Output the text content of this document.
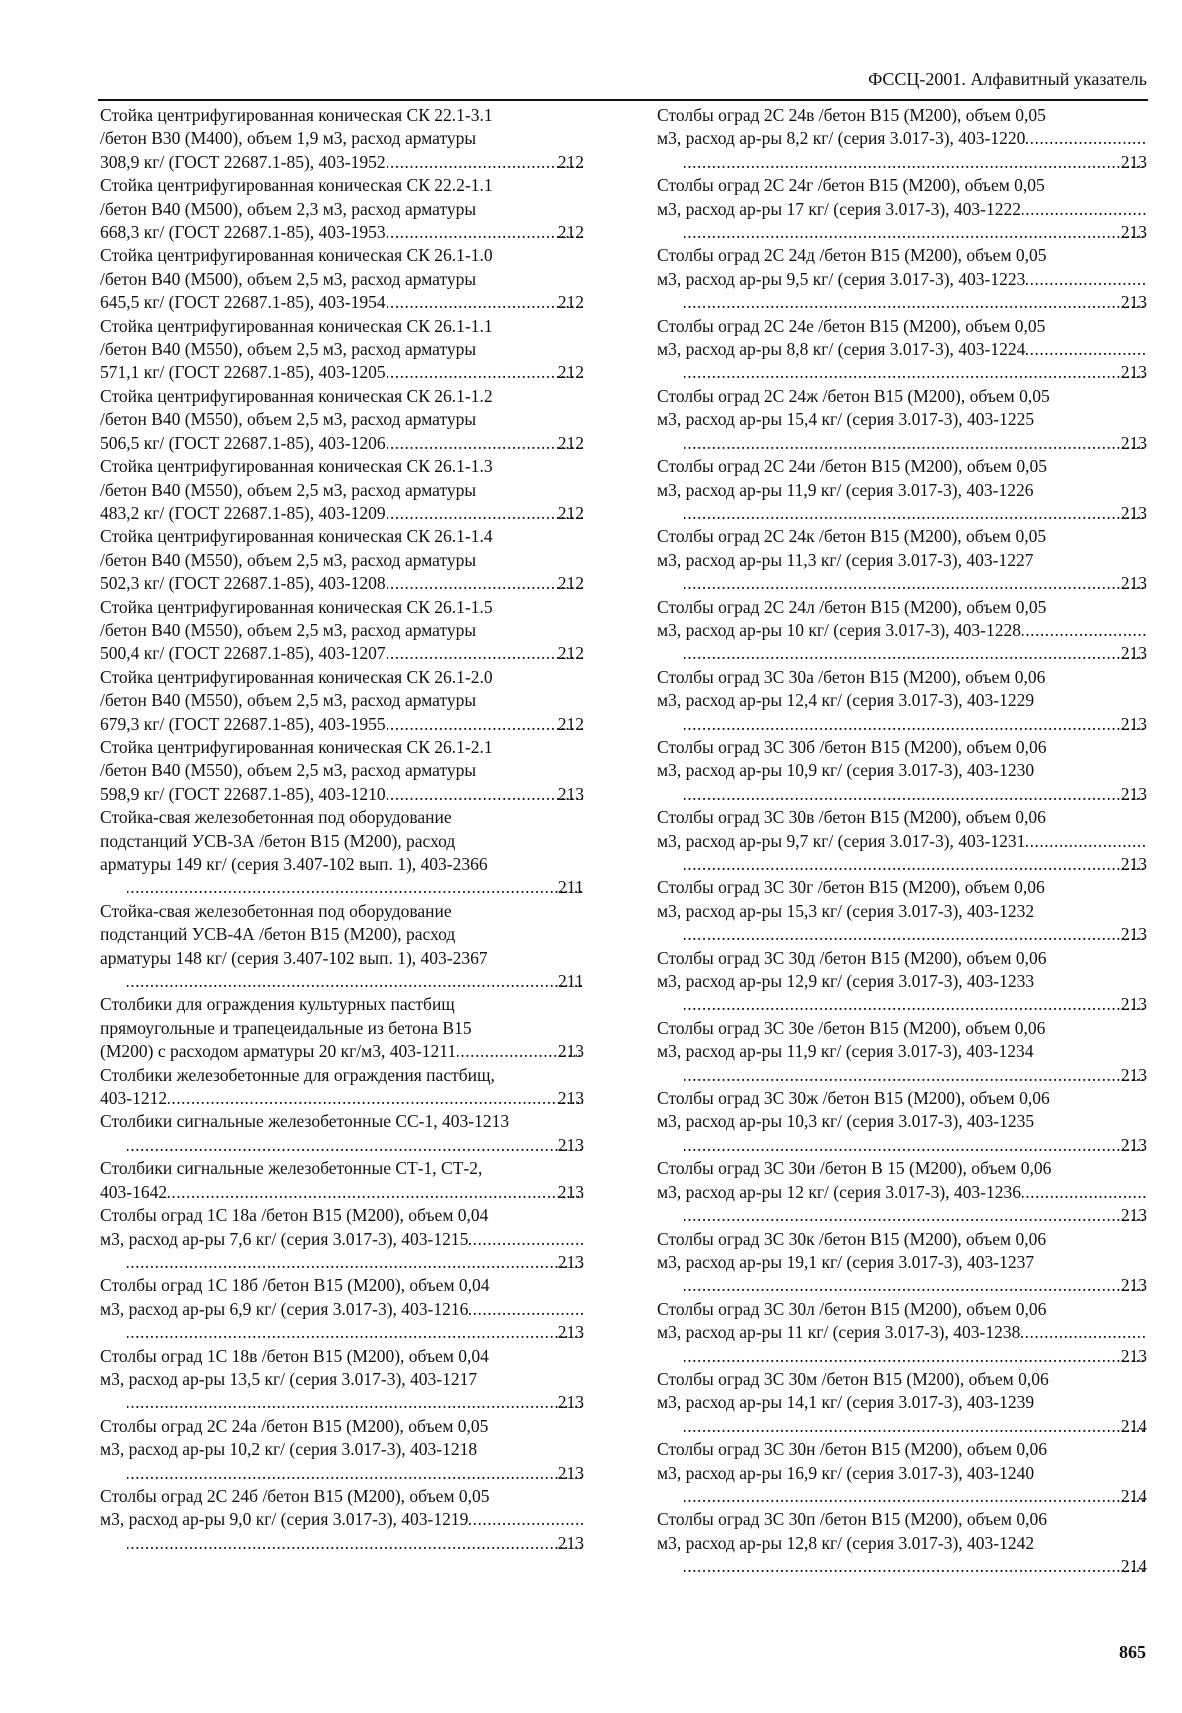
ФССЦ-2001. Алфавитный указатель
Стойка центрифугированная коническая СК 22.1-3.1
/бетон В30 (М400), объем 1,9 м3, расход арматуры
308,9 кг/ (ГОСТ 22687.1-85), 403-1952 .....	212
Стойка центрифугированная коническая СК 22.2-1.1
/бетон В40 (М500), объем 2,3 м3, расход арматуры
668,3 кг/ (ГОСТ 22687.1-85), 403-1953 .....	212
Стойка центрифугированная коническая СК 26.1-1.0
/бетон В40 (М500), объем 2,5 м3, расход арматуры
645,5 кг/ (ГОСТ 22687.1-85), 403-1954 .....	212
Стойка центрифугированная коническая СК 26.1-1.1
/бетон В40 (М550), объем 2,5 м3, расход арматуры
571,1 кг/ (ГОСТ 22687.1-85), 403-1205 .....	212
Стойка центрифугированная коническая СК 26.1-1.2
/бетон В40 (М550), объем 2,5 м3, расход арматуры
506,5 кг/ (ГОСТ 22687.1-85), 403-1206 .....	212
Стойка центрифугированная коническая СК 26.1-1.3
/бетон В40 (М550), объем 2,5 м3, расход арматуры
483,2 кг/ (ГОСТ 22687.1-85), 403-1209 .....	212
Стойка центрифугированная коническая СК 26.1-1.4
/бетон В40 (М550), объем 2,5 м3, расход арматуры
502,3 кг/ (ГОСТ 22687.1-85), 403-1208 .....	212
Стойка центрифугированная коническая СК 26.1-1.5
/бетон В40 (М550), объем 2,5 м3, расход арматуры
500,4 кг/ (ГОСТ 22687.1-85), 403-1207 .....	212
Стойка центрифугированная коническая СК 26.1-2.0
/бетон В40 (М550), объем 2,5 м3, расход арматуры
679,3 кг/ (ГОСТ 22687.1-85), 403-1955 .....	212
Стойка центрифугированная коническая СК 26.1-2.1
/бетон В40 (М550), объем 2,5 м3, расход арматуры
598,9 кг/ (ГОСТ 22687.1-85), 403-1210 .....	213
Стойка-свая железобетонная под оборудование
подстанций УСВ-3А /бетон В15 (М200), расход
арматуры 149 кг/ (серия 3.407-102 вып. 1), 403-2366
.....
211
Стойка-свая железобетонная под оборудование
подстанций УСВ-4А /бетон В15 (М200), расход
арматуры 148 кг/ (серия 3.407-102 вып. 1), 403-2367
.....
211
Столбики для ограждения культурных пастбищ
прямоугольные и трапецеидальные из бетона В15
(М200) с расходом арматуры 20 кг/м3, 403-1211 .....	213
Столбики железобетонные для ограждения пастбищ,
403-1212 .....	213
Столбики сигнальные железобетонные СС-1, 403-1213
.....
213
Столбики сигнальные железобетонные СТ-1, СТ-2,
403-1642 .....	213
Столбы оград 1С 18а /бетон В15 (М200), объем 0,04
м3, расход ар-ры 7,6 кг/ (серия 3.017-3), 403-1215
.....
.....
213
Столбы оград 1С 18б /бетон В15 (М200), объем 0,04
м3, расход ар-ры 6,9 кг/ (серия 3.017-3), 403-1216
.....
.....
213
Столбы оград 1С 18в /бетон В15 (М200), объем 0,04
м3, расход ар-ры 13,5 кг/ (серия 3.017-3), 403-1217
.....
213
Столбы оград 2С 24а /бетон В15 (М200), объем 0,05
м3, расход ар-ры 10,2 кг/ (серия 3.017-3), 403-1218
.....
213
Столбы оград 2С 24б /бетон В15 (М200), объем 0,05
м3, расход ар-ры 9,0 кг/ (серия 3.017-3), 403-1219
.....
.....
213
Столбы оград 2С 24в /бетон В15 (М200), объем 0,05
м3, расход ар-ры 8,2 кг/ (серия 3.017-3), 403-1220
.....
.....
213
Столбы оград 2С 24г /бетон В15 (М200), объем 0,05
м3, расход ар-ры 17 кг/ (серия 3.017-3), 403-1222
.....
.....
213
Столбы оград 2С 24д /бетон В15 (М200), объем 0,05
м3, расход ар-ры 9,5 кг/ (серия 3.017-3), 403-1223
.....
.....
213
Столбы оград 2С 24е /бетон В15 (М200), объем 0,05
м3, расход ар-ры 8,8 кг/ (серия 3.017-3), 403-1224
.....
.....
213
Столбы оград 2С 24ж /бетон В15 (М200), объем 0,05
м3, расход ар-ры 15,4 кг/ (серия 3.017-3), 403-1225
.....
213
Столбы оград 2С 24и /бетон В15 (М200), объем 0,05
м3, расход ар-ры 11,9 кг/ (серия 3.017-3), 403-1226
.....
213
Столбы оград 2С 24к /бетон В15 (М200), объем 0,05
м3, расход ар-ры 11,3 кг/ (серия 3.017-3), 403-1227
.....
213
Столбы оград 2С 24л /бетон В15 (М200), объем 0,05
м3, расход ар-ры 10 кг/ (серия 3.017-3), 403-1228
.....
.....
213
Столбы оград 3С 30а /бетон В15 (М200), объем 0,06
м3, расход ар-ры 12,4 кг/ (серия 3.017-3), 403-1229
.....
213
Столбы оград 3С 30б /бетон В15 (М200), объем 0,06
м3, расход ар-ры 10,9 кг/ (серия 3.017-3), 403-1230
.....
213
Столбы оград 3С 30в /бетон В15 (М200), объем 0,06
м3, расход ар-ры 9,7 кг/ (серия 3.017-3), 403-1231
.....
.....
213
Столбы оград 3С 30г /бетон В15 (М200), объем 0,06
м3, расход ар-ры 15,3 кг/ (серия 3.017-3), 403-1232
.....
213
Столбы оград 3С 30д /бетон В15 (М200), объем 0,06
м3, расход ар-ры 12,9 кг/ (серия 3.017-3), 403-1233
.....
213
Столбы оград 3С 30е /бетон В15 (М200), объем 0,06
м3, расход ар-ры 11,9 кг/ (серия 3.017-3), 403-1234
.....
213
Столбы оград 3С 30ж /бетон В15 (М200), объем 0,06
м3, расход ар-ры 10,3 кг/ (серия 3.017-3), 403-1235
.....
213
Столбы оград 3С 30и /бетон В 15 (М200), объем 0,06
м3, расход ар-ры 12 кг/ (серия 3.017-3), 403-1236
.....
.....
213
Столбы оград 3С 30к /бетон В15 (М200), объем 0,06
м3, расход ар-ры 19,1 кг/ (серия 3.017-3), 403-1237
.....
213
Столбы оград 3С 30л /бетон В15 (М200), объем 0,06
м3, расход ар-ры 11 кг/ (серия 3.017-3), 403-1238
.....
.....
213
Столбы оград 3С 30м /бетон В15 (М200), объем 0,06
м3, расход ар-ры 14,1 кг/ (серия 3.017-3), 403-1239
.....
214
Столбы оград 3С 30н /бетон В15 (М200), объем 0,06
м3, расход ар-ры 16,9 кг/ (серия 3.017-3), 403-1240
.....
214
Столбы оград 3С 30п /бетон В15 (М200), объем 0,06
м3, расход ар-ры 12,8 кг/ (серия 3.017-3), 403-1242
.....
214
865
